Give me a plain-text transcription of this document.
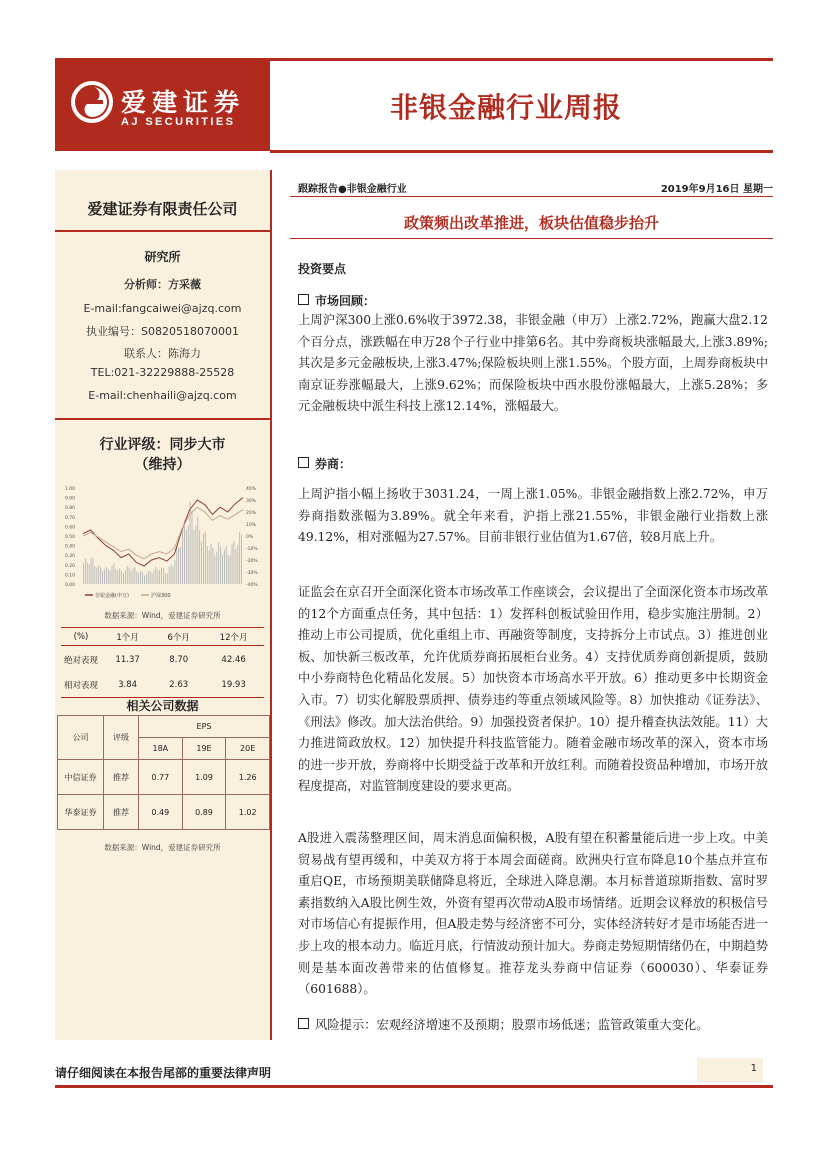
爱建证券
AJ SECURITIES	非银金融行业周报
爱建证券有限责任公司
研究所
分析师：方采薇
E-mail:fangcaiwei@ajzq.com
执业编号：S0820518070001
联系人：陈海力
TEL:021-32229888-25528
E-mail:chenhaili@ajzq.com
行业评级：同步大市
（维持）
1.00
0.90
0.80
0.70
0.60
0.50
0.40
0.30
0.20
0.10
0.00
40%
30%
20%
10%
0%
-10%
-20%
-30%
-40%
非银金融(申万)	沪深300
数据来源：Wind，爱建证券研究所
(%)	1个月	6个月	12个月
绝对表现	11.37	8.70	42.46
相对表现	3.84	2.63	19.93
相关公司数据
公司	评级	EPS		
		18A	19E	20E
中信证券	推荐	0.77	1.09	1.26
华泰证券	推荐	0.49	0.89	1.02
数据来源：Wind，爱建证券研究所
跟踪报告●非银金融行业	2019年9月16日 星期一
政策频出改革推进，板块估值稳步抬升
投资要点
市场回顾：
上周沪深300上涨0.6%收于3972.38，非银金融（申万）上涨2.72%，跑赢大盘2.12个百分点，涨跌幅在申万28个子行业中排第6名。其中券商板块涨幅最大,上涨3.89%;其次是多元金融板块,上涨3.47%;保险板块则上涨1.55%。个股方面，上周券商板块中南京证券涨幅最大，上涨9.62%；而保险板块中西水股份涨幅最大，上涨5.28%；多元金融板块中派生科技上涨12.14%，涨幅最大。
券商：
上周沪指小幅上扬收于3031.24，一周上涨1.05%。非银金融指数上涨2.72%，申万券商指数涨幅为3.89%。就全年来看，沪指上涨21.55%，非银金融行业指数上涨49.12%，相对涨幅为27.57%。目前非银行业估值为1.67倍，较8月底上升。
证监会在京召开全面深化资本市场改革工作座谈会，会议提出了全面深化资本市场改革的12个方面重点任务，其中包括：1）发挥科创板试验田作用，稳步实施注册制。2）推动上市公司提质，优化重组上市、再融资等制度，支持拆分上市试点。3）推进创业板、加快新三板改革，允许优质券商拓展柜台业务。4）支持优质券商创新提质，鼓励中小券商特色化精品化发展。5）加快资本市场高水平开放。6）推动更多中长期资金入市。7）切实化解股票质押、债券违约等重点领域风险等。8）加快推动《证券法》、《刑法》修改。加大法治供给。9）加强投资者保护。10）提升稽查执法效能。11）大力推进简政放权。12）加快提升科技监管能力。随着金融市场改革的深入，资本市场的进一步开放，券商将中长期受益于改革和开放红利。而随着投资品种增加，市场开放程度提高，对监管制度建设的要求更高。
A股进入震荡整理区间，周末消息面偏积极，A股有望在积蓄量能后进一步上攻。中美贸易战有望再缓和，中美双方将于本周会面磋商。欧洲央行宣布降息10个基点并宣布重启QE，市场预期美联储降息将近，全球进入降息潮。本月标普道琼斯指数、富时罗素指数纳入A股比例生效，外资有望再次带动A股市场情绪。近期会议释放的积极信号对市场信心有提振作用，但A股走势与经济密不可分，实体经济转好才是市场能否进一步上攻的根本动力。临近月底，行情波动预计加大。券商走势短期情绪仍在，中期趋势则是基本面改善带来的估值修复。推荐龙头券商中信证券（600030）、华泰证券（601688）。
风险提示：宏观经济增速不及预期；股票市场低迷；监管政策重大变化。
请仔细阅读在本报告尾部的重要法律声明	1
